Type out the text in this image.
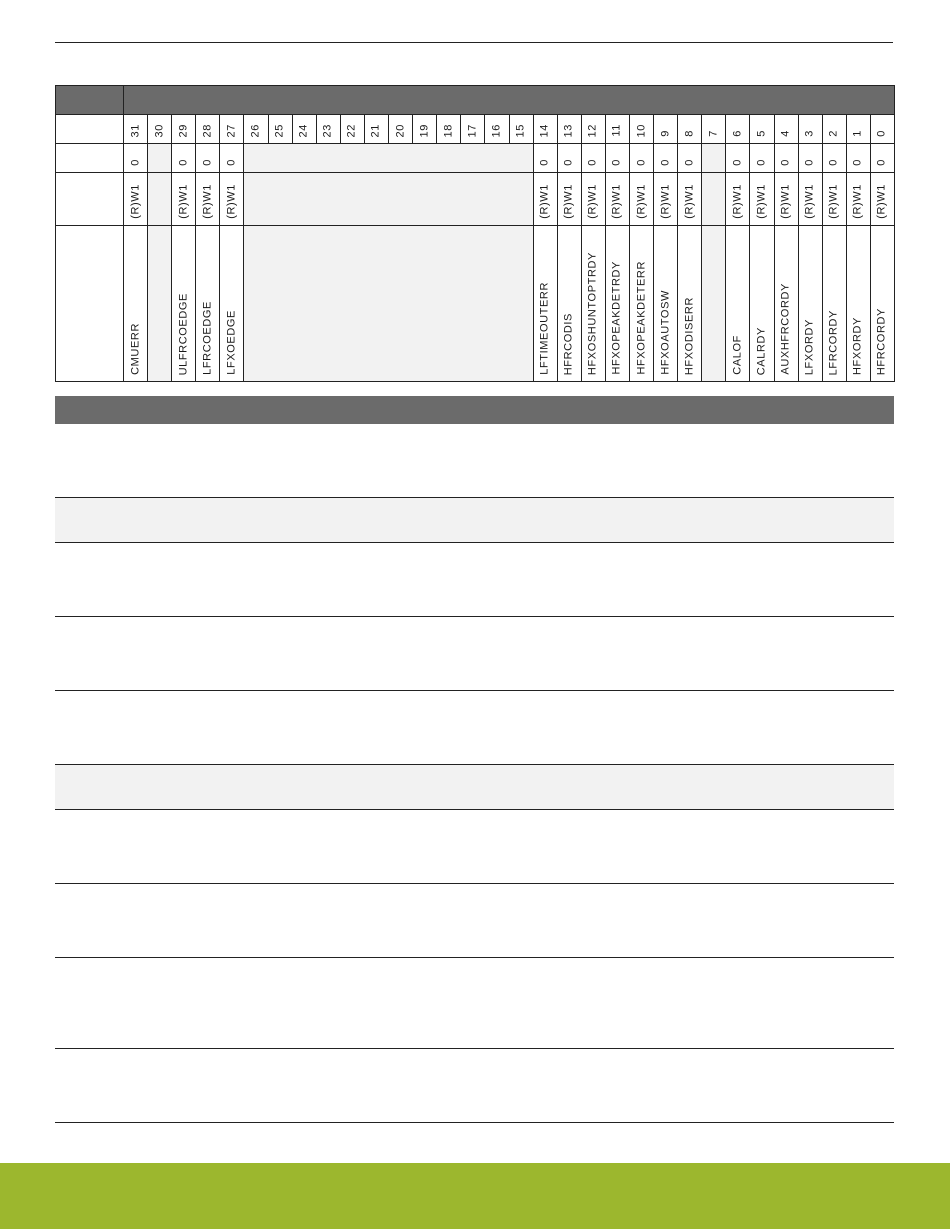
	31	30	29	28	27	26	25	24	23	22	21	20	19	18	17	16	15	14	13	12	11	10	9	8	7	6	5	4	3	2	1	0

	0		0	0	0													0	0	0	0	0	0	0		0	0	0	0	0	0	0

	(R)W1		(R)W1	(R)W1	(R)W1													(R)W1	(R)W1	(R)W1	(R)W1	(R)W1	(R)W1	(R)W1		(R)W1	(R)W1	(R)W1	(R)W1	(R)W1	(R)W1	(R)W1

	CMUERR		ULFRCOEDGE	LFRCOEDGE	LFXOEDGE													LFTIMEOUTERR	HFRCODIS	HFXOSHUNTOPTRDY	HFXOPEAKDETRDY	HFXOPEAKDETERR	HFXOAUTOSW	HFXODISERR		CALOF	CALRDY	AUXHFRCORDY	LFXORDY	LFRCORDY	HFXORDY	HFRCORDY
